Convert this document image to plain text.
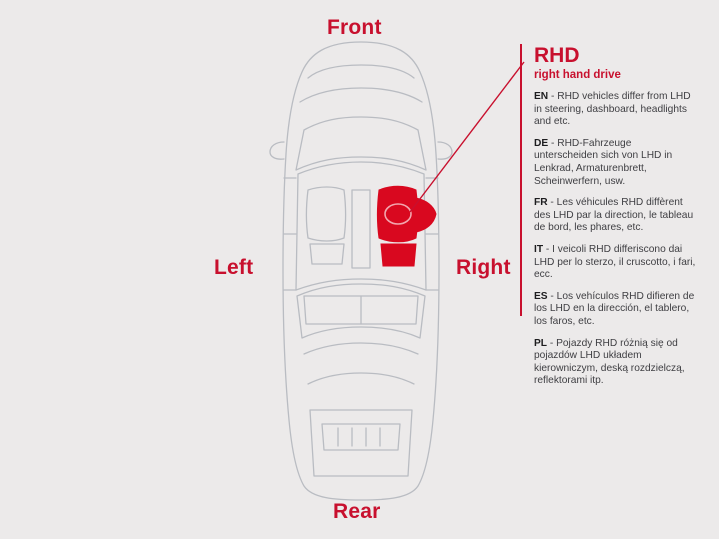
Front
Rear
Left	Right
RHD
right hand drive

EN - RHD vehicles differ from LHD in steering, dashboard, headlights and etc.

DE - RHD-Fahrzeuge unterscheiden sich von LHD in Lenkrad, Armaturenbrett, Scheinwerfern, usw.

FR - Les véhicules RHD diffèrent des LHD par la direction, le tableau de bord, les phares, etc.

IT - I veicoli RHD differiscono dai LHD per lo sterzo, il cruscotto, i fari, ecc.

ES - Los vehículos RHD difieren de los LHD en la dirección, el tablero, los faros, etc.

PL - Pojazdy RHD różnią się od pojazdów LHD układem kierowniczym, deską rozdzielczą, reflektorami itp.
